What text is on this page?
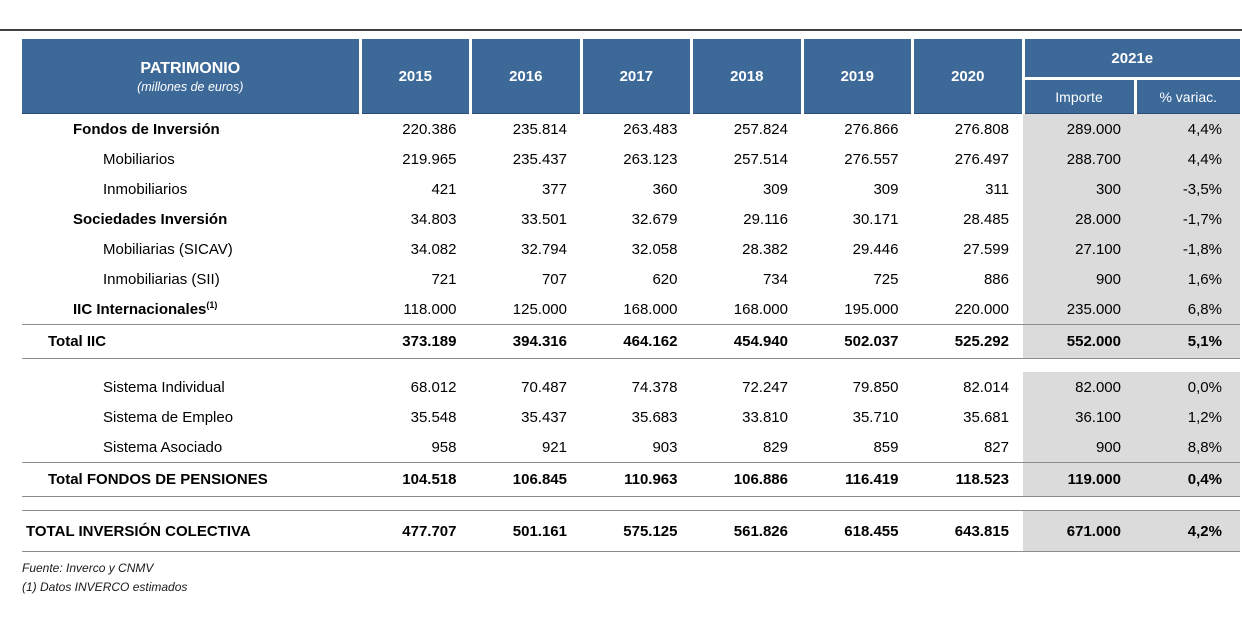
PATRIMONIO
(millones de euros)	2015	2016	2017	2018	2019	2020	2021e	
							Importe	% variac.
Fondos de Inversión	220.386	235.814	263.483	257.824	276.866	276.808	289.000	4,4%
Mobiliarios	219.965	235.437	263.123	257.514	276.557	276.497	288.700	4,4%
Inmobiliarios	421	377	360	309	309	311	300	-3,5%
Sociedades Inversión	34.803	33.501	32.679	29.116	30.171	28.485	28.000	-1,7%
Mobiliarias (SICAV)	34.082	32.794	32.058	28.382	29.446	27.599	27.100	-1,8%
Inmobiliarias (SII)	721	707	620	734	725	886	900	1,6%
IIC Internacionales$^{(1)}$	118.000	125.000	168.000	168.000	195.000	220.000	235.000	6,8%
Total IIC	373.189	394.316	464.162	454.940	502.037	525.292	552.000	5,1%

Sistema Individual	68.012	70.487	74.378	72.247	79.850	82.014	82.000	0,0%
Sistema de Empleo	35.548	35.437	35.683	33.810	35.710	35.681	36.100	1,2%
Sistema Asociado	958	921	903	829	859	827	900	8,8%
Total FONDOS DE PENSIONES	104.518	106.845	110.963	106.886	116.419	118.523	119.000	0,4%

TOTAL INVERSIÓN COLECTIVA	477.707	501.161	575.125	561.826	618.455	643.815	671.000	4,2%
Fuente: Inverco y CNMV
(1) Datos INVERCO estimados
